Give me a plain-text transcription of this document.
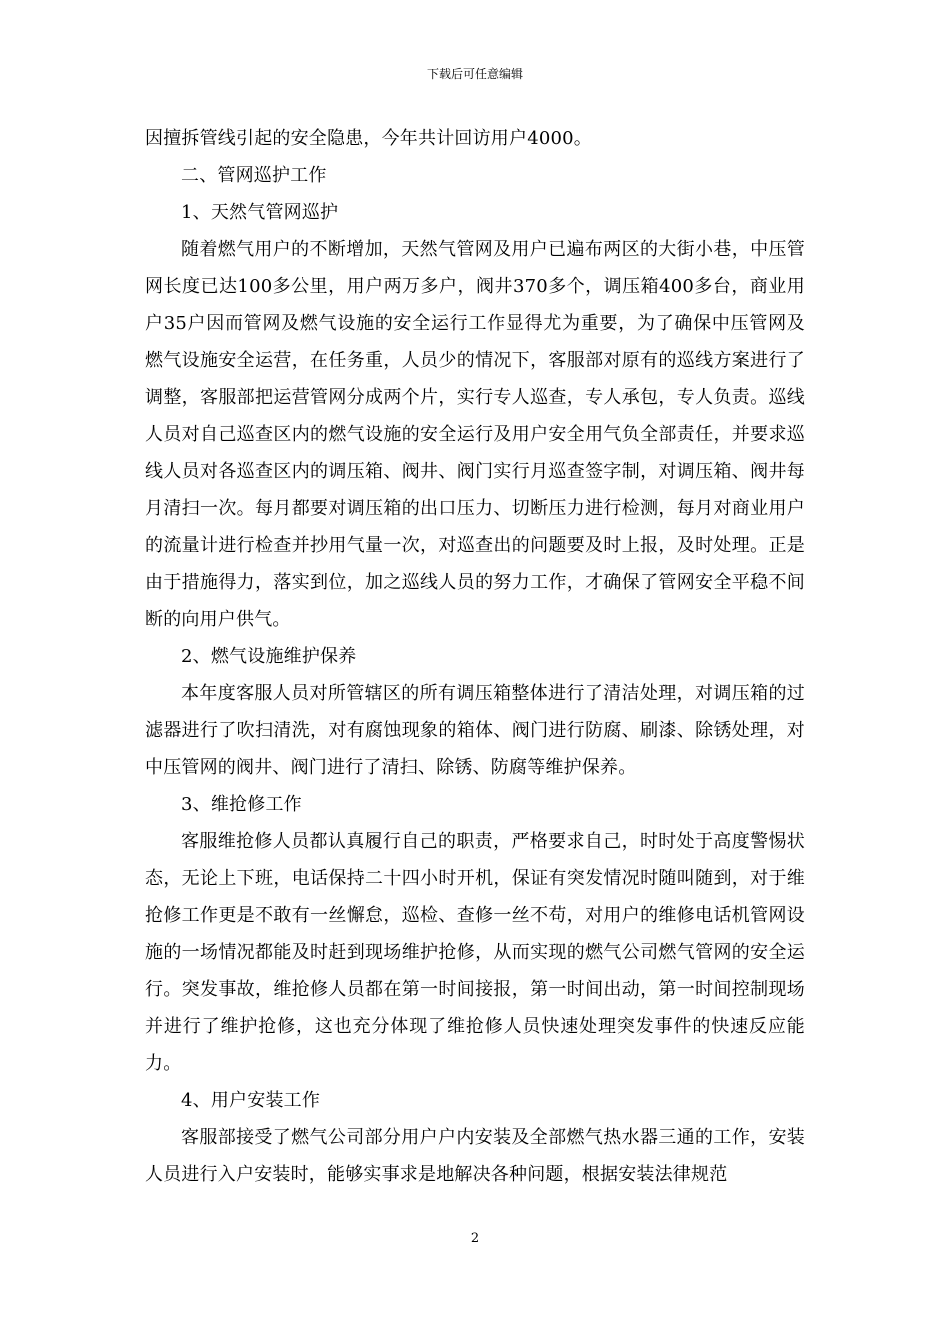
下载后可任意编辑

因擅拆管线引起的安全隐患，今年共计回访用户4000。

二、管网巡护工作

1、天然气管网巡护

随着燃气用户的不断增加，天然气管网及用户已遍布两区的大街小巷，中压管网长度已达100多公里，用户两万多户，阀井370多个，调压箱400多台，商业用户35户因而管网及燃气设施的安全运行工作显得尤为重要，为了确保中压管网及燃气设施安全运营，在任务重，人员少的情况下，客服部对原有的巡线方案进行了调整，客服部把运营管网分成两个片，实行专人巡查，专人承包，专人负责。巡线人员对自己巡查区内的燃气设施的安全运行及用户安全用气负全部责任，并要求巡线人员对各巡查区内的调压箱、阀井、阀门实行月巡查签字制，对调压箱、阀井每月清扫一次。每月都要对调压箱的出口压力、切断压力进行检测，每月对商业用户的流量计进行检查并抄用气量一次，对巡查出的问题要及时上报，及时处理。正是由于措施得力，落实到位，加之巡线人员的努力工作，才确保了管网安全平稳不间断的向用户供气。

2、燃气设施维护保养

本年度客服人员对所管辖区的所有调压箱整体进行了清洁处理，对调压箱的过滤器进行了吹扫清洗，对有腐蚀现象的箱体、阀门进行防腐、刷漆、除锈处理，对中压管网的阀井、阀门进行了清扫、除锈、防腐等维护保养。

3、维抢修工作

客服维抢修人员都认真履行自己的职责，严格要求自己，时时处于高度警惕状态，无论上下班，电话保持二十四小时开机，保证有突发情况时随叫随到，对于维抢修工作更是不敢有一丝懈怠，巡检、查修一丝不苟，对用户的维修电话机管网设施的一场情况都能及时赶到现场维护抢修，从而实现的燃气公司燃气管网的安全运行。突发事故，维抢修人员都在第一时间接报，第一时间出动，第一时间控制现场并进行了维护抢修，这也充分体现了维抢修人员快速处理突发事件的快速反应能力。

4、用户安装工作

客服部接受了燃气公司部分用户户内安装及全部燃气热水器三通的工作，安装人员进行入户安装时，能够实事求是地解决各种问题，根据安装法律规范

2
